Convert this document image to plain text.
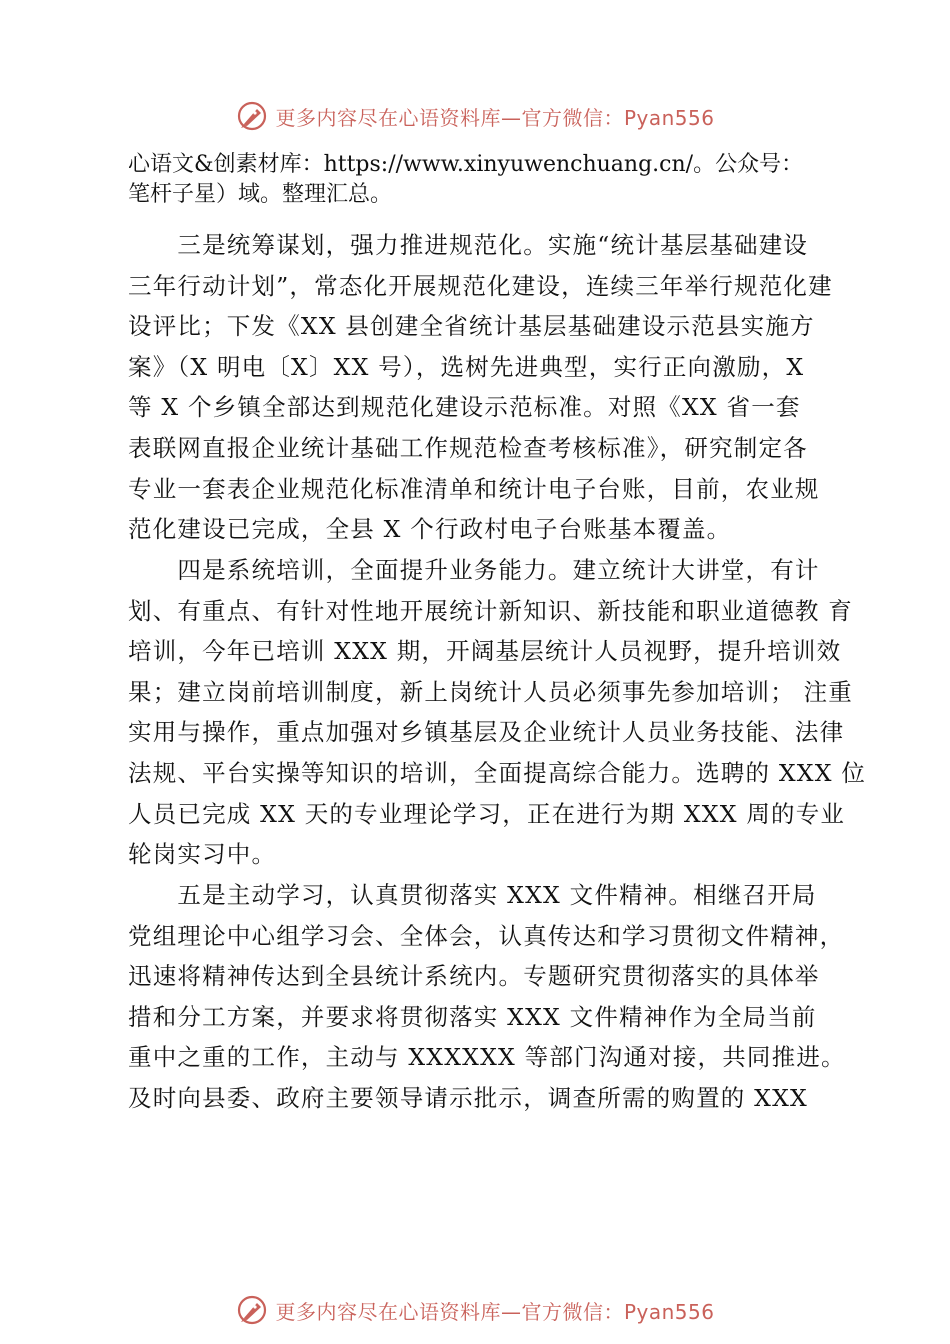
更多内容尽在心语资料库—官方微信：Pyan556
心语文&创素材库：https://www.xinyuwenchuang.cn/。公众号：
笔杆子星）域。整理汇总。
　　三是统筹谋划，强力推进规范化。实施“统计基层基础建设
三年行动计划”，常态化开展规范化建设，连续三年举行规范化建
设评比；下发《XX 县创建全省统计基层基础建设示范县实施方
案》（X 明电〔X〕XX 号），选树先进典型，实行正向激励，X
等 X 个乡镇全部达到规范化建设示范标准。对照《XX 省一套
表联网直报企业统计基础工作规范检查考核标准》，研究制定各
专业一套表企业规范化标准清单和统计电子台账，目前，农业规
范化建设已完成，全县 X 个行政村电子台账基本覆盖。
　　四是系统培训，全面提升业务能力。建立统计大讲堂，有计
划、有重点、有针对性地开展统计新知识、新技能和职业道德教 育
培训，今年已培训 XXX 期，开阔基层统计人员视野，提升培训效
果；建立岗前培训制度，新上岗统计人员必须事先参加培训； 注重
实用与操作，重点加强对乡镇基层及企业统计人员业务技能、法律
法规、平台实操等知识的培训，全面提高综合能力。选聘的 XXX 位
人员已完成 XX 天的专业理论学习，正在进行为期 XXX 周的专业
轮岗实习中。
　　五是主动学习，认真贯彻落实 XXX 文件精神。相继召开局
党组理论中心组学习会、全体会，认真传达和学习贯彻文件精神，
迅速将精神传达到全县统计系统内。专题研究贯彻落实的具体举
措和分工方案，并要求将贯彻落实 XXX 文件精神作为全局当前
重中之重的工作，主动与 XXXXXX 等部门沟通对接，共同推进。
及时向县委、政府主要领导请示批示，调查所需的购置的 XXX
更多内容尽在心语资料库—官方微信：Pyan556
